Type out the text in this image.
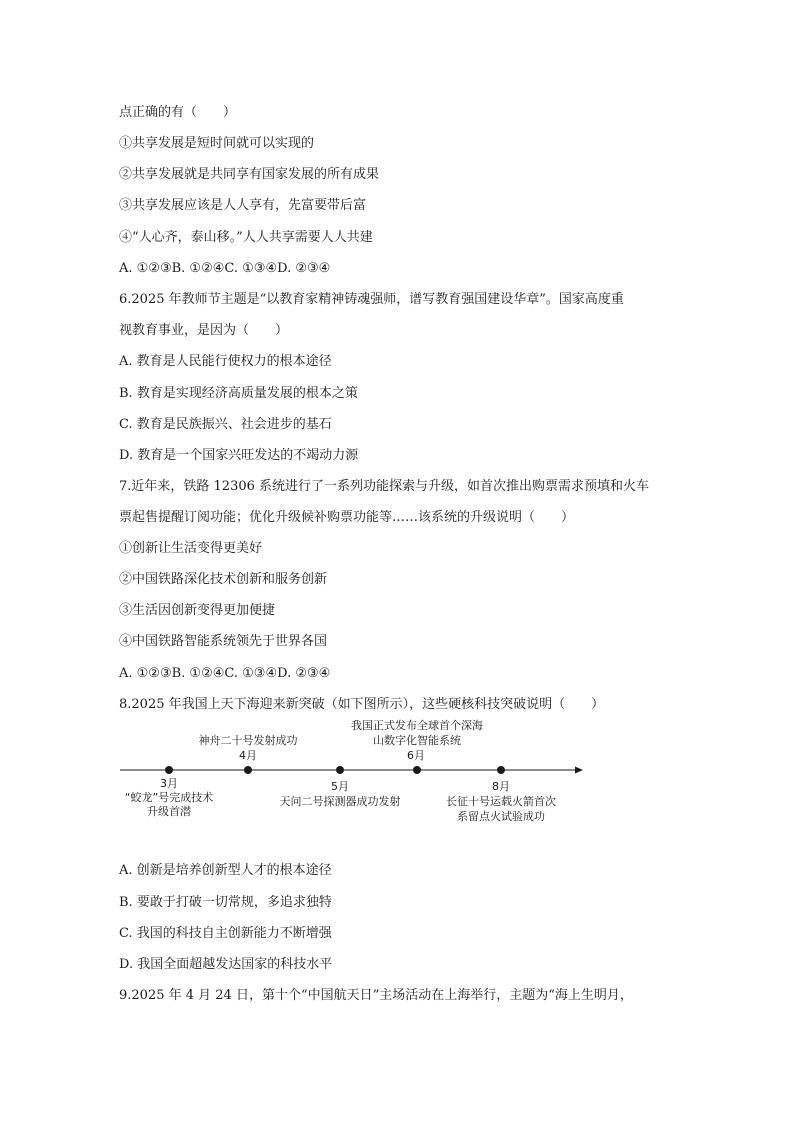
点正确的有（　　）
①共享发展是短时间就可以实现的
②共享发展就是共同享有国家发展的所有成果
③共享发展应该是人人享有，先富要带后富
④“人心齐，泰山移。”人人共享需要人人共建
A. ①②③B. ①②④C. ①③④D. ②③④
6.2025 年教师节主题是“以教育家精神铸魂强师，谱写教育强国建设华章”。国家高度重
视教育事业，是因为（　　）
A. 教育是人民能行使权力的根本途径
B. 教育是实现经济高质量发展的根本之策
C. 教育是民族振兴、社会进步的基石
D. 教育是一个国家兴旺发达的不竭动力源
7.近年来，铁路 12306 系统进行了一系列功能探索与升级，如首次推出购票需求预填和火车
票起售提醒订阅功能；优化升级候补购票功能等……该系统的升级说明（　　）
①创新让生活变得更美好
②中国铁路深化技术创新和服务创新
③生活因创新变得更加便捷
④中国铁路智能系统领先于世界各国
A. ①②③B. ①②④C. ①③④D. ②③④
8.2025 年我国上天下海迎来新突破（如下图所示），这些硬核科技突破说明（　　）
3月
“蛟龙”号完成技术
升级首潜
神舟二十号发射成功
4月
5月
天问二号探测器成功发射
我国正式发布全球首个深海
山数字化智能系统
6月
8月
长征十号运载火箭首次
系留点火试验成功
A. 创新是培养创新型人才的根本途径
B. 要敢于打破一切常规，多追求独特
C. 我国的科技自主创新能力不断增强
D. 我国全面超越发达国家的科技水平
9.2025 年 4 月 24 日，第十个“中国航天日”主场活动在上海举行，主题为“海上生明月，
